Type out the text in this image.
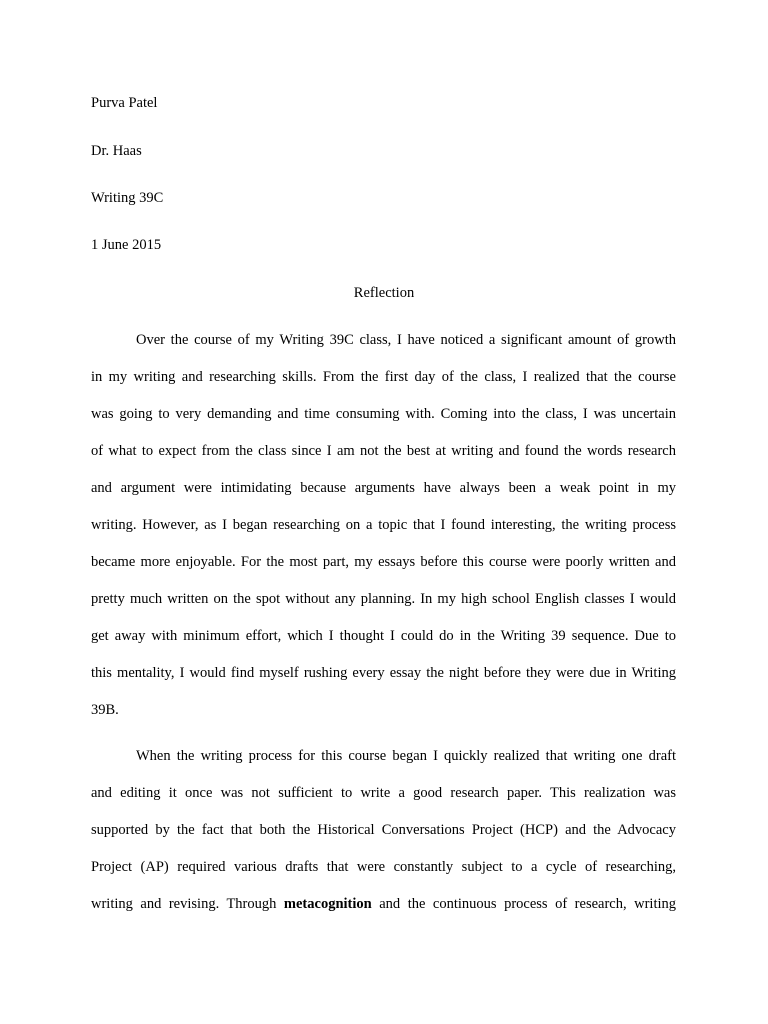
Purva Patel
Dr. Haas
Writing 39C
1 June 2015
Reflection
Over the course of my Writing 39C class, I have noticed a significant amount of growth
in my writing and researching skills. From the first day of the class, I realized that the course
was going to very demanding and time consuming with. Coming into the class, I was uncertain
of what to expect from the class since I am not the best at writing and found the words research
and argument were intimidating because arguments have always been a weak point in my
writing. However, as I began researching on a topic that I found interesting, the writing process
became more enjoyable. For the most part, my essays before this course were poorly written and
pretty much written on the spot without any planning. In my high school English classes I would
get away with minimum effort, which I thought I could do in the Writing 39 sequence. Due to
this mentality, I would find myself rushing every essay the night before they were due in Writing
39B.
When the writing process for this course began I quickly realized that writing one draft
and editing it once was not sufficient to write a good research paper. This realization was
supported by the fact that both the Historical Conversations Project (HCP) and the Advocacy
Project (AP) required various drafts that were constantly subject to a cycle of researching,
writing and revising. Through metacognition and the continuous process of research, writing
